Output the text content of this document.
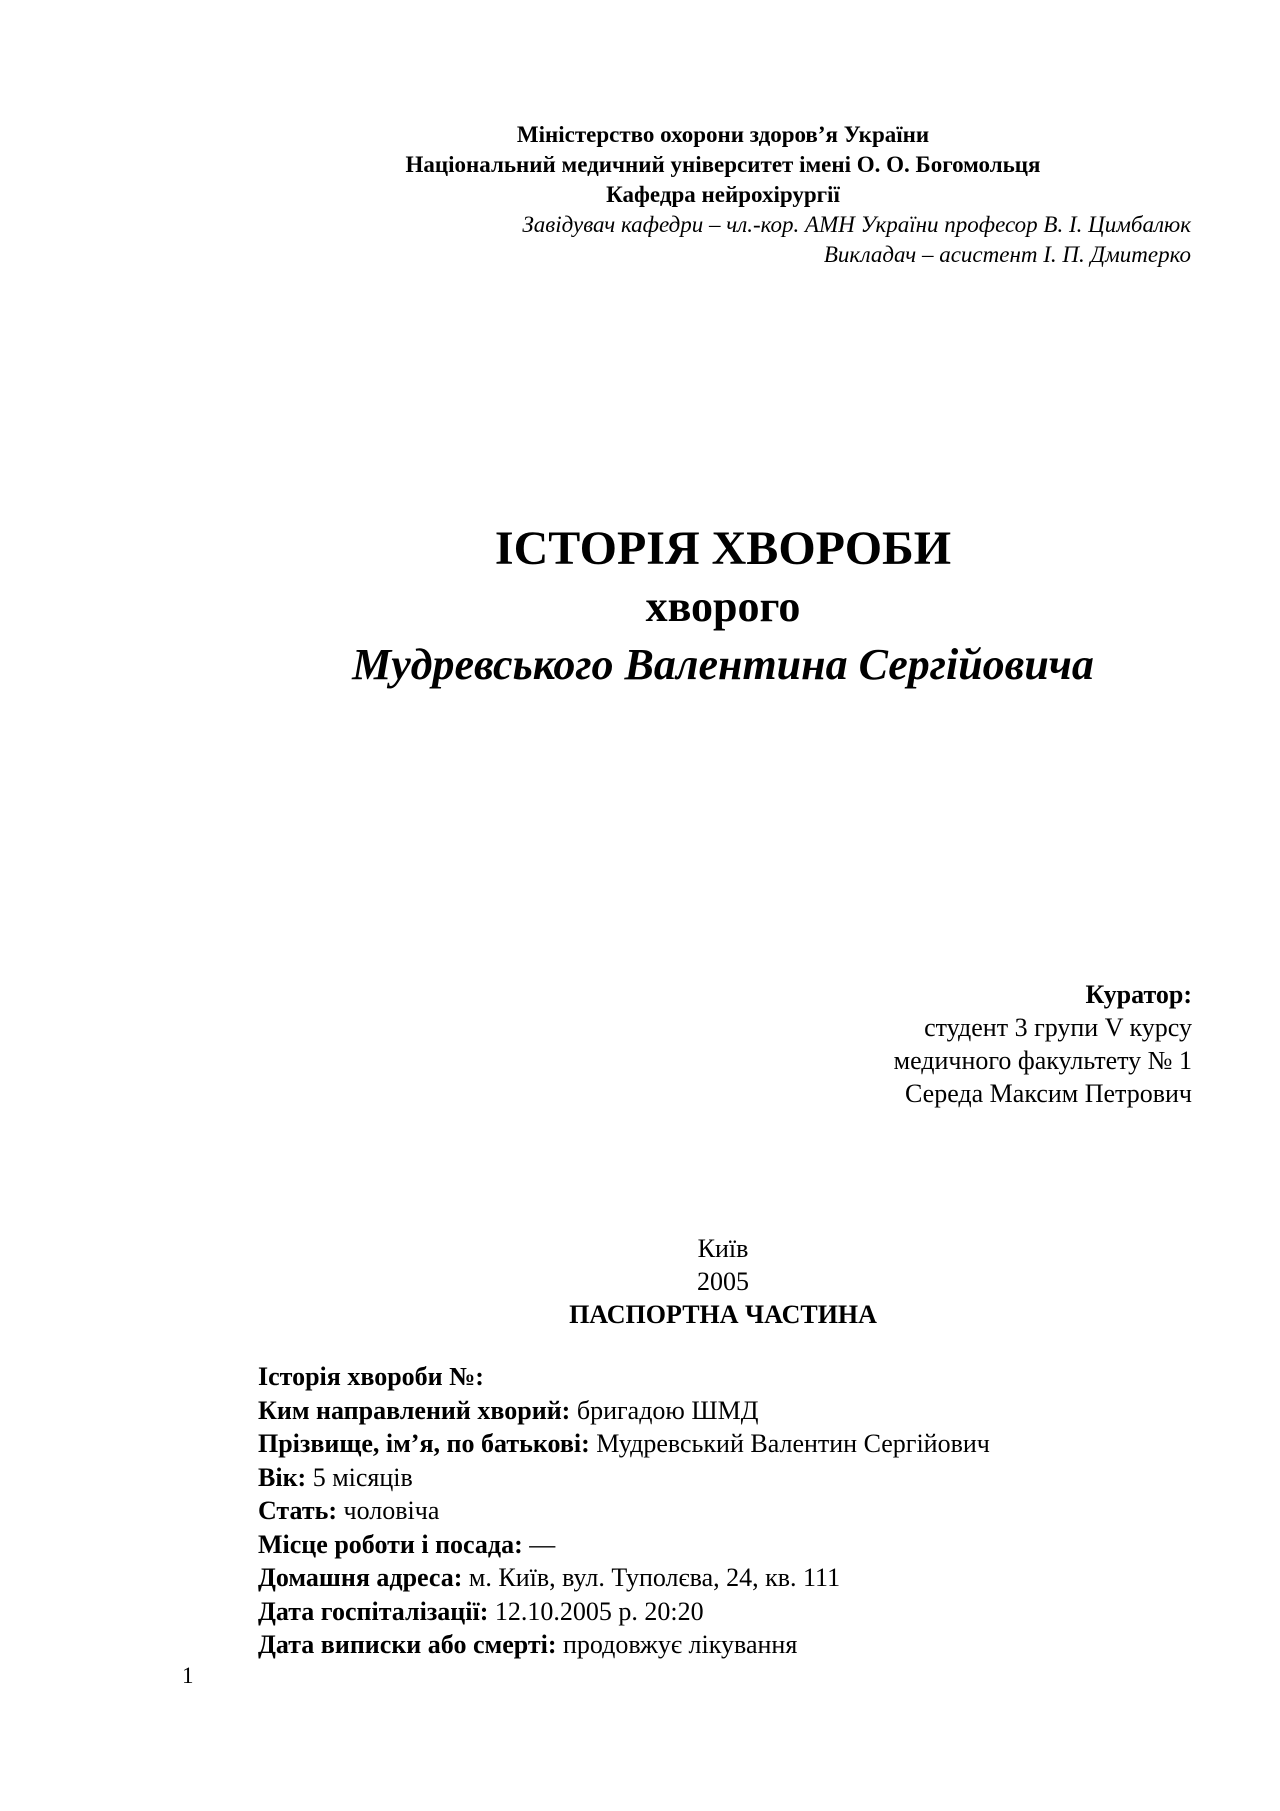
Міністерство охорони здоров’я України
Національний медичний університет імені О. О. Богомольця
Кафедра нейрохірургії
Завідувач кафедри – чл.-кор. АМН України професор В. І. Цимбалюк
Викладач – асистент І. П. Дмитерко
ІСТОРІЯ ХВОРОБИ
хворого
Мудревського Валентина Сергійовича
Куратор:
студент 3 групи V курсу
медичного факультету № 1
Середа Максим Петрович
Київ
2005
ПАСПОРТНА ЧАСТИНА
Історія хвороби №:
Ким направлений хворий: бригадою ШМД
Прізвище, ім’я, по батькові: Мудревський Валентин Сергійович
Вік: 5 місяців
Стать: чоловіча
Місце роботи і посада: —
Домашня адреса: м. Київ, вул. Туполєва, 24, кв. 111
Дата госпіталізації: 12.10.2005 р. 20:20
Дата виписки або смерті: продовжує лікування
1
